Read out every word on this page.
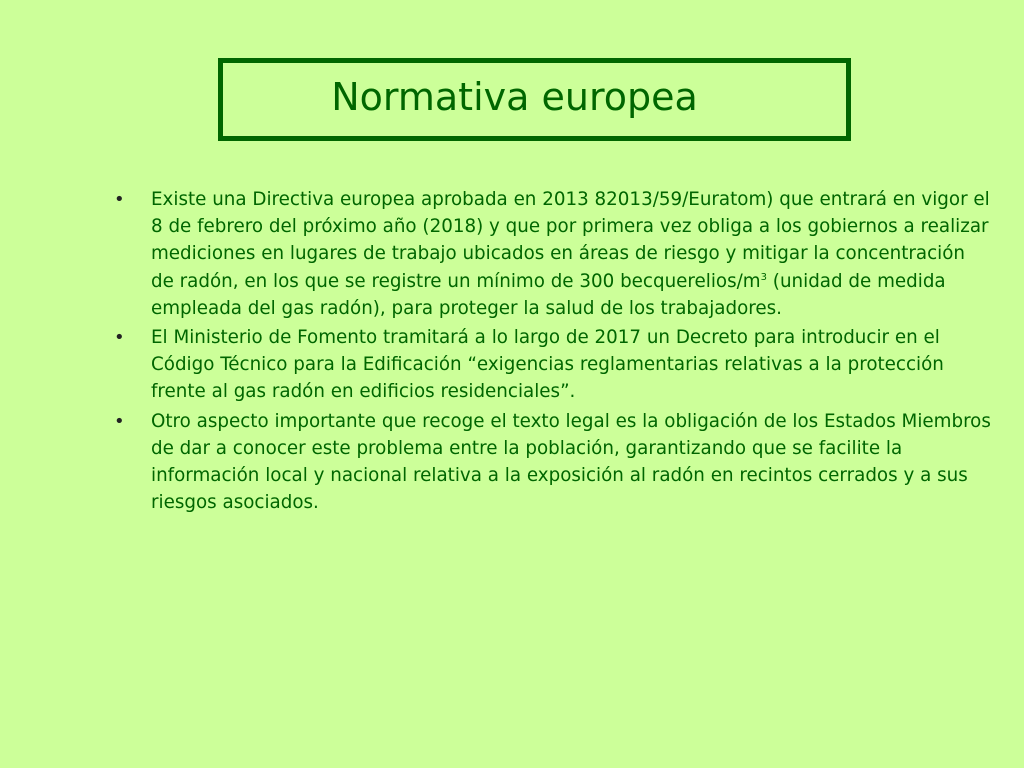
Normativa europea
• Existe una Directiva europea aprobada en 2013 82013/59/Euratom) que entrará en vigor el 8 de febrero del próximo año (2018) y que por primera vez obliga a los gobiernos a realizar mediciones en lugares de trabajo ubicados en áreas de riesgo y mitigar la concentración de radón, en los que se registre un mínimo de 300 becquerelios/$m^3$ (unidad de medida empleada del gas radón), para proteger la salud de los trabajadores.
• El Ministerio de Fomento tramitará a lo largo de 2017 un Decreto para introducir en el Código Técnico para la Edificación “exigencias reglamentarias relativas a la protección frente al gas radón en edificios residenciales”.
• Otro aspecto importante que recoge el texto legal es la obligación de los Estados Miembros de dar a conocer este problema entre la población, garantizando que se facilite la información local y nacional relativa a la exposición al radón en recintos cerrados y a sus riesgos asociados.
